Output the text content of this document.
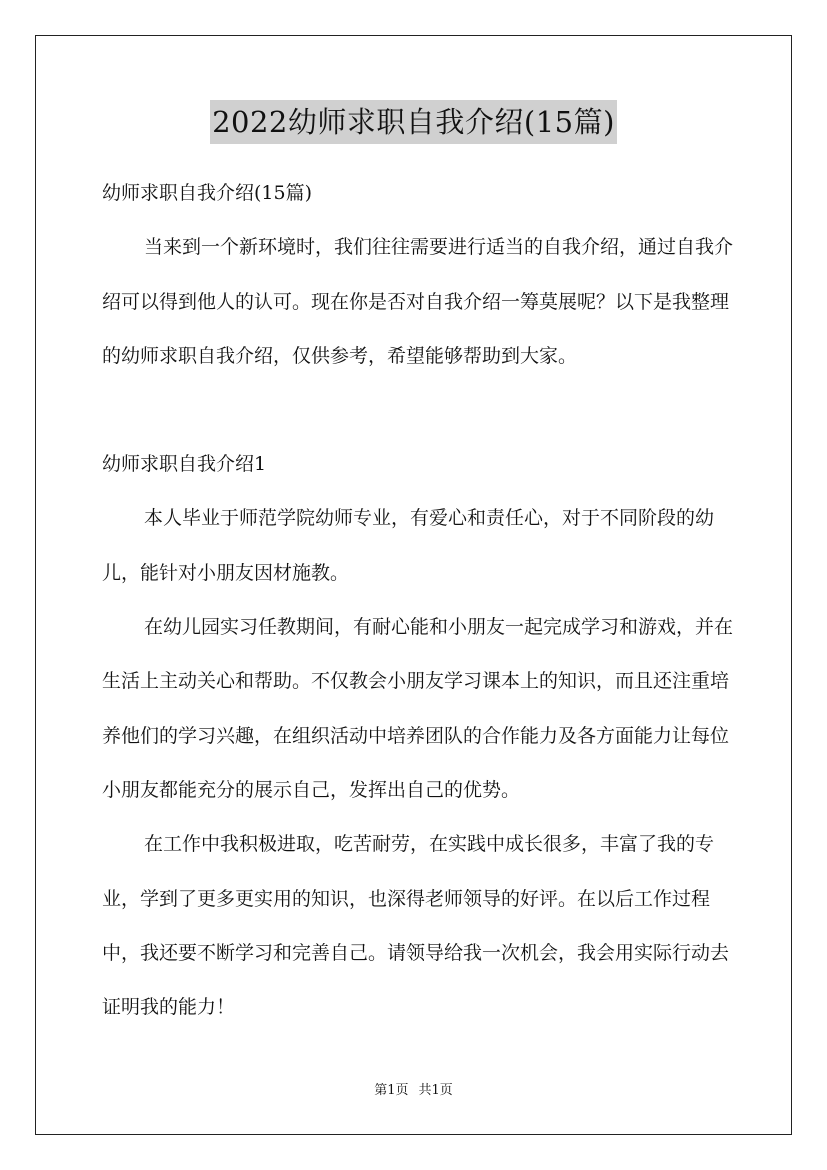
2022幼师求职自我介绍(15篇)

幼师求职自我介绍(15篇)

当来到一个新环境时，我们往往需要进行适当的自我介绍，通过自我介绍可以得到他人的认可。现在你是否对自我介绍一筹莫展呢？以下是我整理的幼师求职自我介绍，仅供参考，希望能够帮助到大家。

幼师求职自我介绍1

本人毕业于师范学院幼师专业，有爱心和责任心，对于不同阶段的幼儿，能针对小朋友因材施教。

在幼儿园实习任教期间，有耐心能和小朋友一起完成学习和游戏，并在生活上主动关心和帮助。不仅教会小朋友学习课本上的知识，而且还注重培养他们的学习兴趣，在组织活动中培养团队的合作能力及各方面能力让每位小朋友都能充分的展示自己，发挥出自己的优势。

在工作中我积极进取，吃苦耐劳，在实践中成长很多，丰富了我的专业，学到了更多更实用的知识，也深得老师领导的好评。在以后工作过程中，我还要不断学习和完善自己。请领导给我一次机会，我会用实际行动去证明我的能力！

第1页 共1页
